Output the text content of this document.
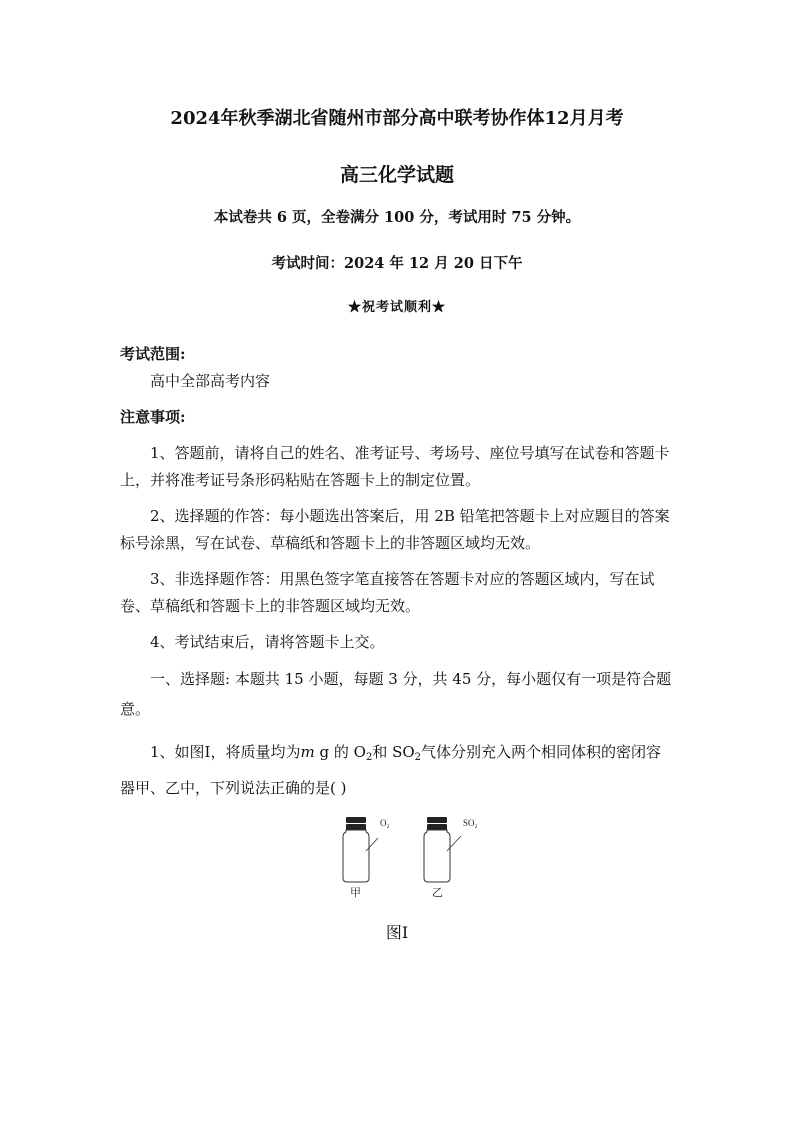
2024年秋季湖北省随州市部分高中联考协作体12月月考
高三化学试题
本试卷共 6 页，全卷满分 100 分，考试用时 75 分钟。
考试时间：2024 年 12 月 20 日下午
★祝考试顺利★
考试范围:
高中全部高考内容
注意事项:
1、答题前，请将自己的姓名、准考证号、考场号、座位号填写在试卷和答题卡上，并将准考证号条形码粘贴在答题卡上的制定位置。
2、选择题的作答：每小题选出答案后，用 2B 铅笔把答题卡上对应题目的答案标号涂黑，写在试卷、草稿纸和答题卡上的非答题区域均无效。
3、非选择题作答：用黑色签字笔直接答在答题卡对应的答题区域内，写在试卷、草稿纸和答题卡上的非答题区域均无效。
4、考试结束后，请将答题卡上交。
一、选择题: 本题共 15 小题，每题 3 分，共 45 分，每小题仅有一项是符合题意。
1、如图Ⅰ，将质量均为m g 的 $O_2$和 $SO_2$气体分别充入两个相同体积的密闭容器甲、乙中，下列说法正确的是( )
O₂
甲
SO₂
乙
图Ⅰ
